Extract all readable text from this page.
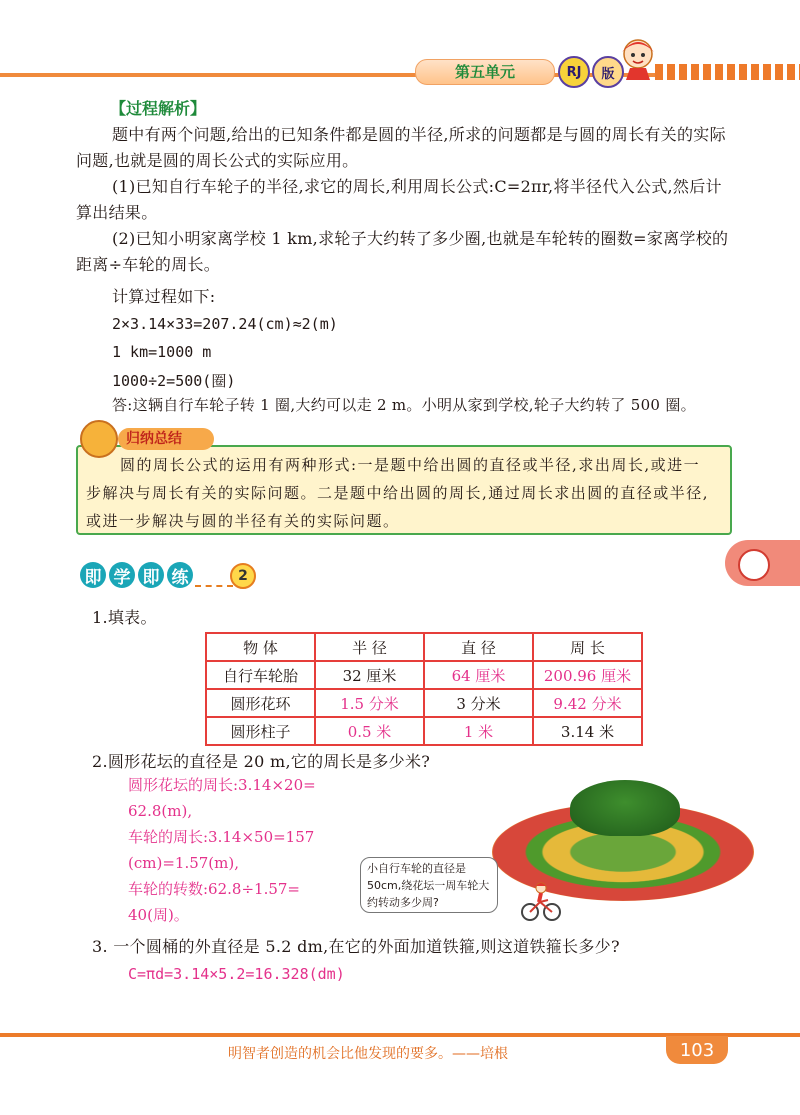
第五单元	RJ	版
【过程解析】
题中有两个问题,给出的已知条件都是圆的半径,所求的问题都是与圆的周长有关的实际问题,也就是圆的周长公式的实际应用。
(1)已知自行车轮子的半径,求它的周长,利用周长公式:C=2πr,将半径代入公式,然后计算出结果。
(2)已知小明家离学校 1 km,求轮子大约转了多少圈,也就是车轮转的圈数=家离学校的距离÷车轮的周长。
计算过程如下:
2×3.14×33=207.24(cm)≈2(m)
1 km=1000 m
1000÷2=500(圈)
答:这辆自行车轮子转 1 圈,大约可以走 2 m。小明从家到学校,轮子大约转了 500 圈。
归纳总结
圆的周长公式的运用有两种形式:一是题中给出圆的直径或半径,求出周长,或进一步解决与周长有关的实际问题。二是题中给出圆的周长,通过周长求出圆的直径或半径,或进一步解决与圆的半径有关的实际问题。
即 学 即 练	2
1.填表。
物 体	半 径	直 径	周 长
自行车轮胎	32 厘米	64 厘米	200.96 厘米
圆形花环	1.5 分米	3 分米	9.42 分米
圆形柱子	0.5 米	1 米	3.14 米
2.圆形花坛的直径是 20 m,它的周长是多少米?
圆形花坛的周长:3.14×20=
62.8(m),
车轮的周长:3.14×50=157
(cm)=1.57(m),
车轮的转数:62.8÷1.57=
40(周)。
小自行车轮的直径是50cm,绕花坛一周车轮大约转动多少周?
3. 一个圆桶的外直径是 5.2 dm,在它的外面加道铁箍,则这道铁箍长多少?
C=πd=3.14×5.2=16.328(dm)
明智者创造的机会比他发现的要多。——培根	103
